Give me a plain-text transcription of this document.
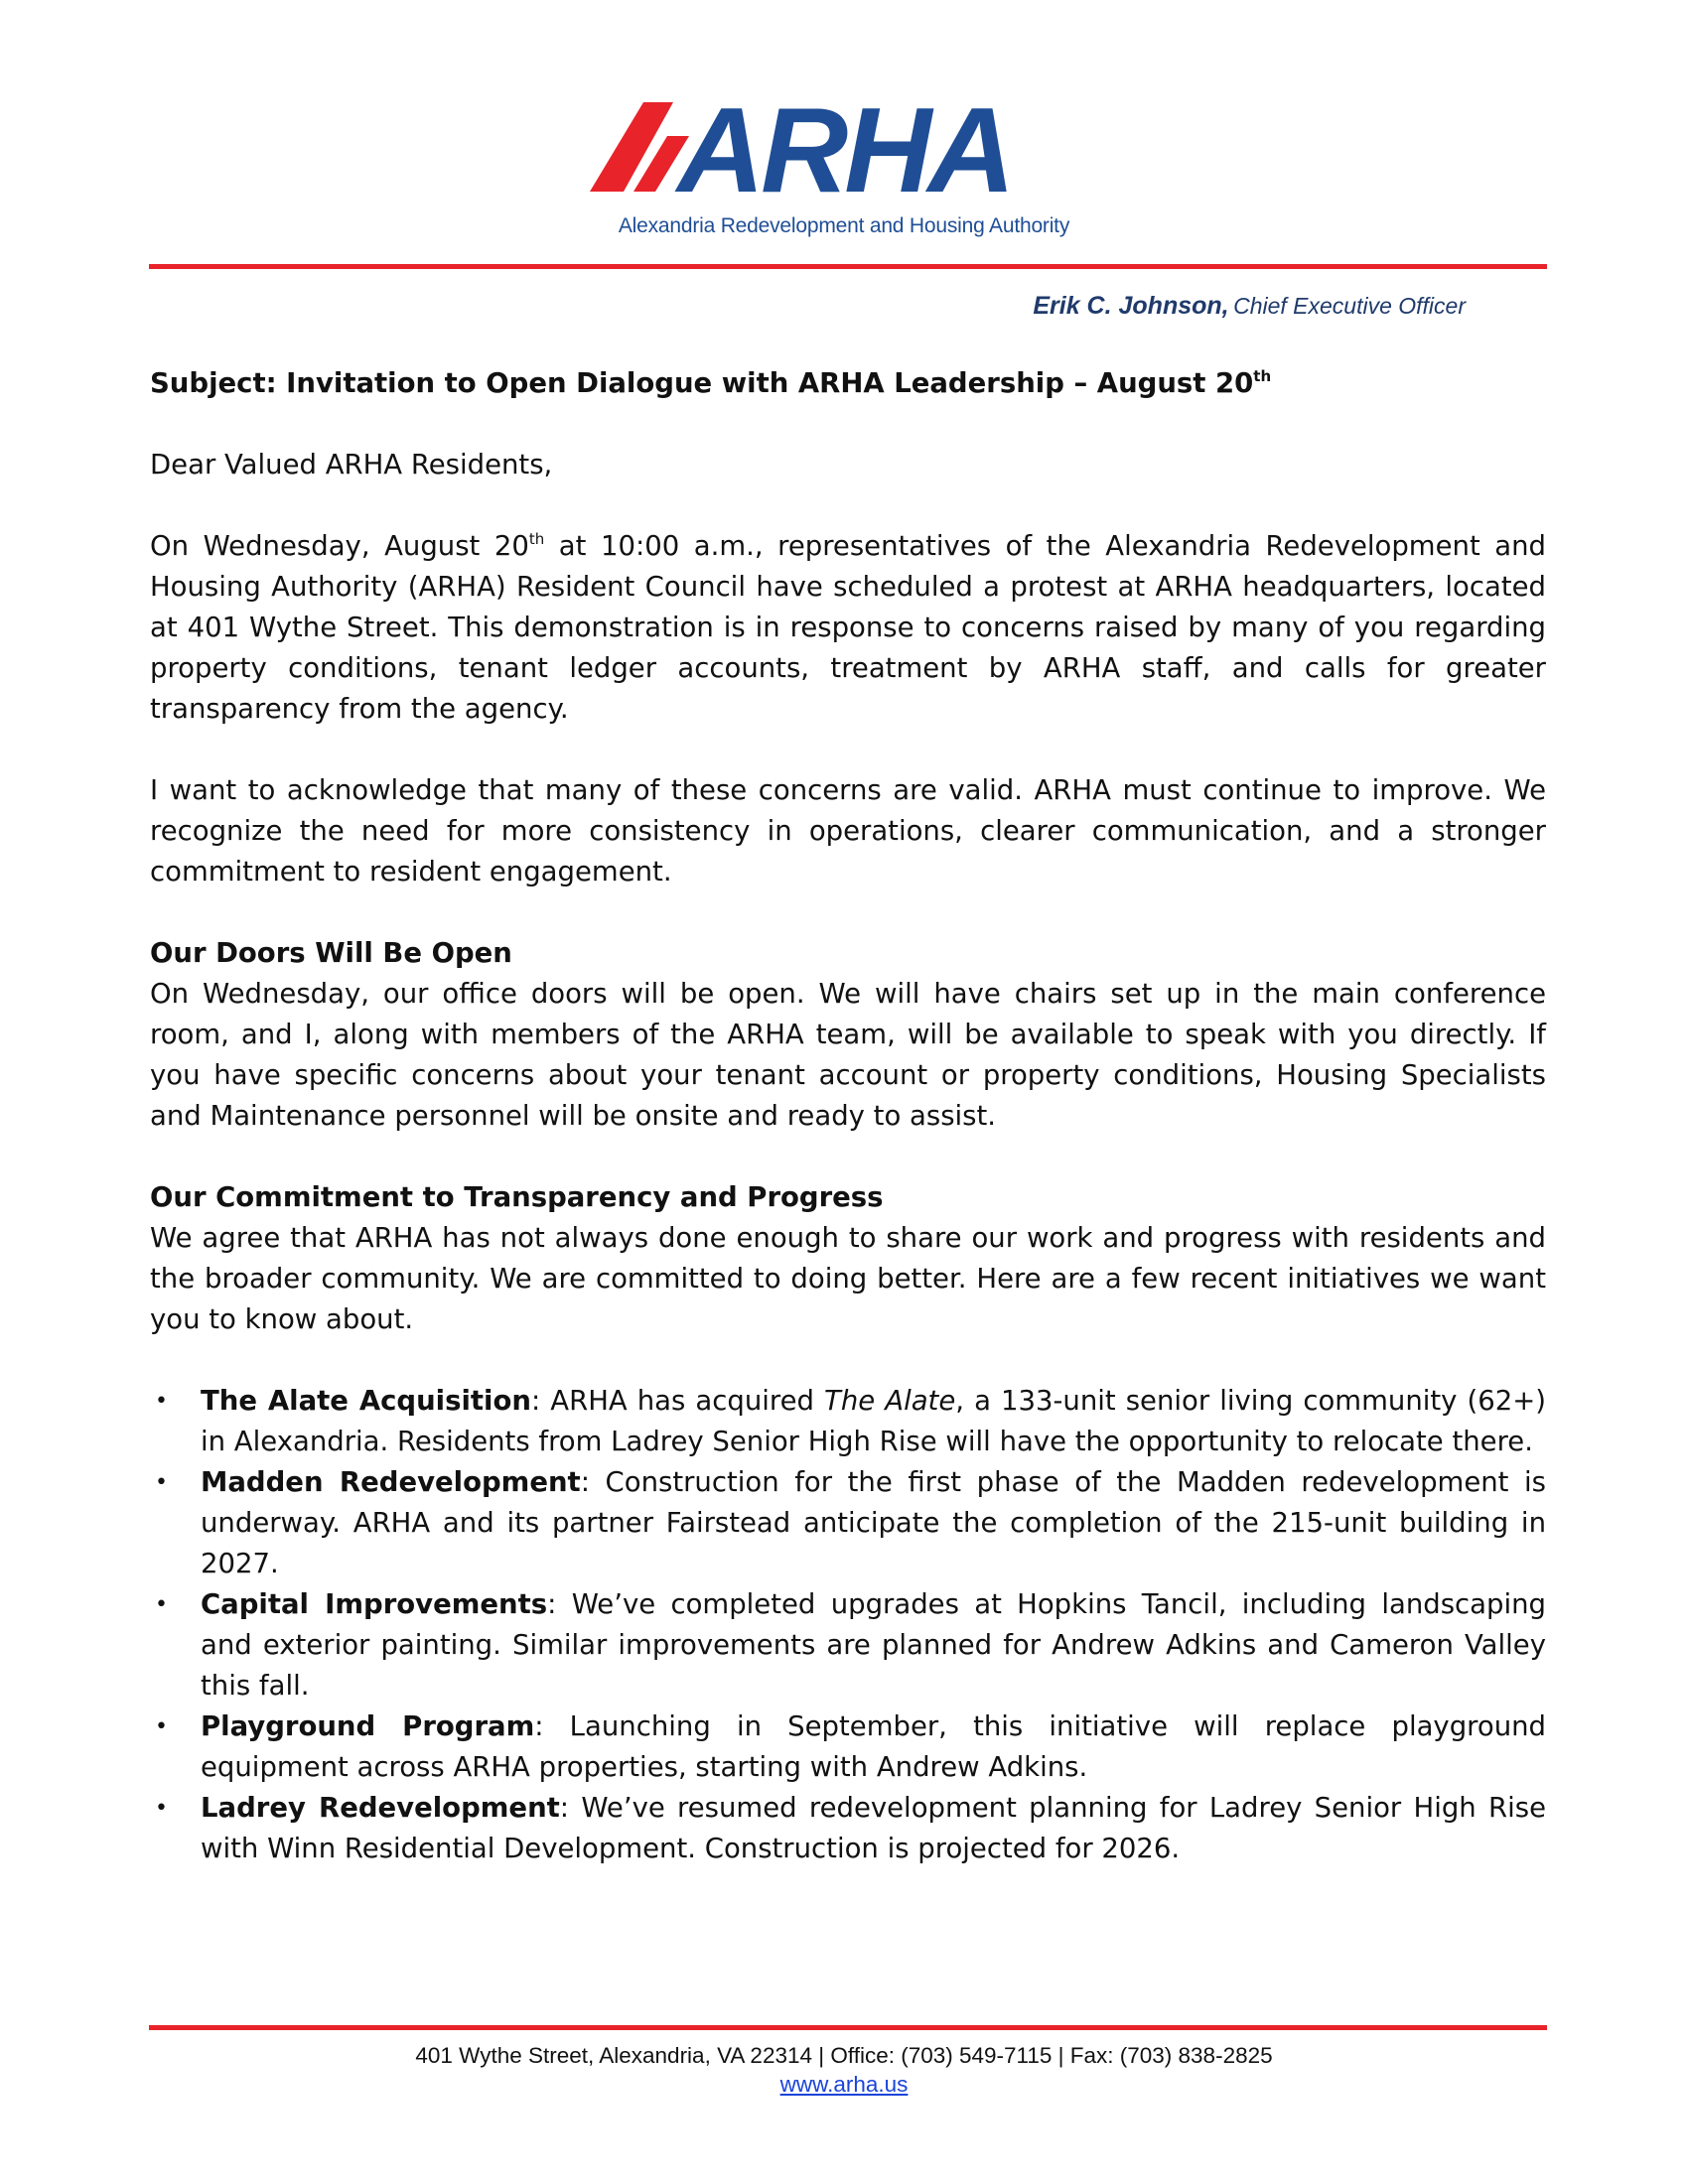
ARHA
Alexandria Redevelopment and Housing Authority
Erik C. Johnson, Chief Executive Officer

Subject: Invitation to Open Dialogue with ARHA Leadership – August 20th

Dear Valued ARHA Residents,

On Wednesday, August 20th at 10:00 a.m., representatives of the Alexandria Redevelopment and Housing Authority (ARHA) Resident Council have scheduled a protest at ARHA headquarters, located at 401 Wythe Street. This demonstration is in response to concerns raised by many of you regarding property conditions, tenant ledger accounts, treatment by ARHA staff, and calls for greater transparency from the agency.

I want to acknowledge that many of these concerns are valid. ARHA must continue to improve. We recognize the need for more consistency in operations, clearer communication, and a stronger commitment to resident engagement.

Our Doors Will Be Open

On Wednesday, our office doors will be open. We will have chairs set up in the main conference room, and I, along with members of the ARHA team, will be available to speak with you directly. If you have specific concerns about your tenant account or property conditions, Housing Specialists and Maintenance personnel will be onsite and ready to assist.

Our Commitment to Transparency and Progress

We agree that ARHA has not always done enough to share our work and progress with residents and the broader community. We are committed to doing better. Here are a few recent initiatives we want you to know about.

• The Alate Acquisition: ARHA has acquired The Alate, a 133-unit senior living community (62+) in Alexandria. Residents from Ladrey Senior High Rise will have the opportunity to relocate there.
• Madden Redevelopment: Construction for the first phase of the Madden redevelopment is underway. ARHA and its partner Fairstead anticipate the completion of the 215-unit building in 2027.
• Capital Improvements: We’ve completed upgrades at Hopkins Tancil, including landscaping and exterior painting. Similar improvements are planned for Andrew Adkins and Cameron Valley this fall.
• Playground Program: Launching in September, this initiative will replace playground equipment across ARHA properties, starting with Andrew Adkins.
• Ladrey Redevelopment: We’ve resumed redevelopment planning for Ladrey Senior High Rise with Winn Residential Development. Construction is projected for 2026.
401 Wythe Street, Alexandria, VA 22314 | Office: (703) 549-7115 | Fax: (703) 838-2825
www.arha.us
